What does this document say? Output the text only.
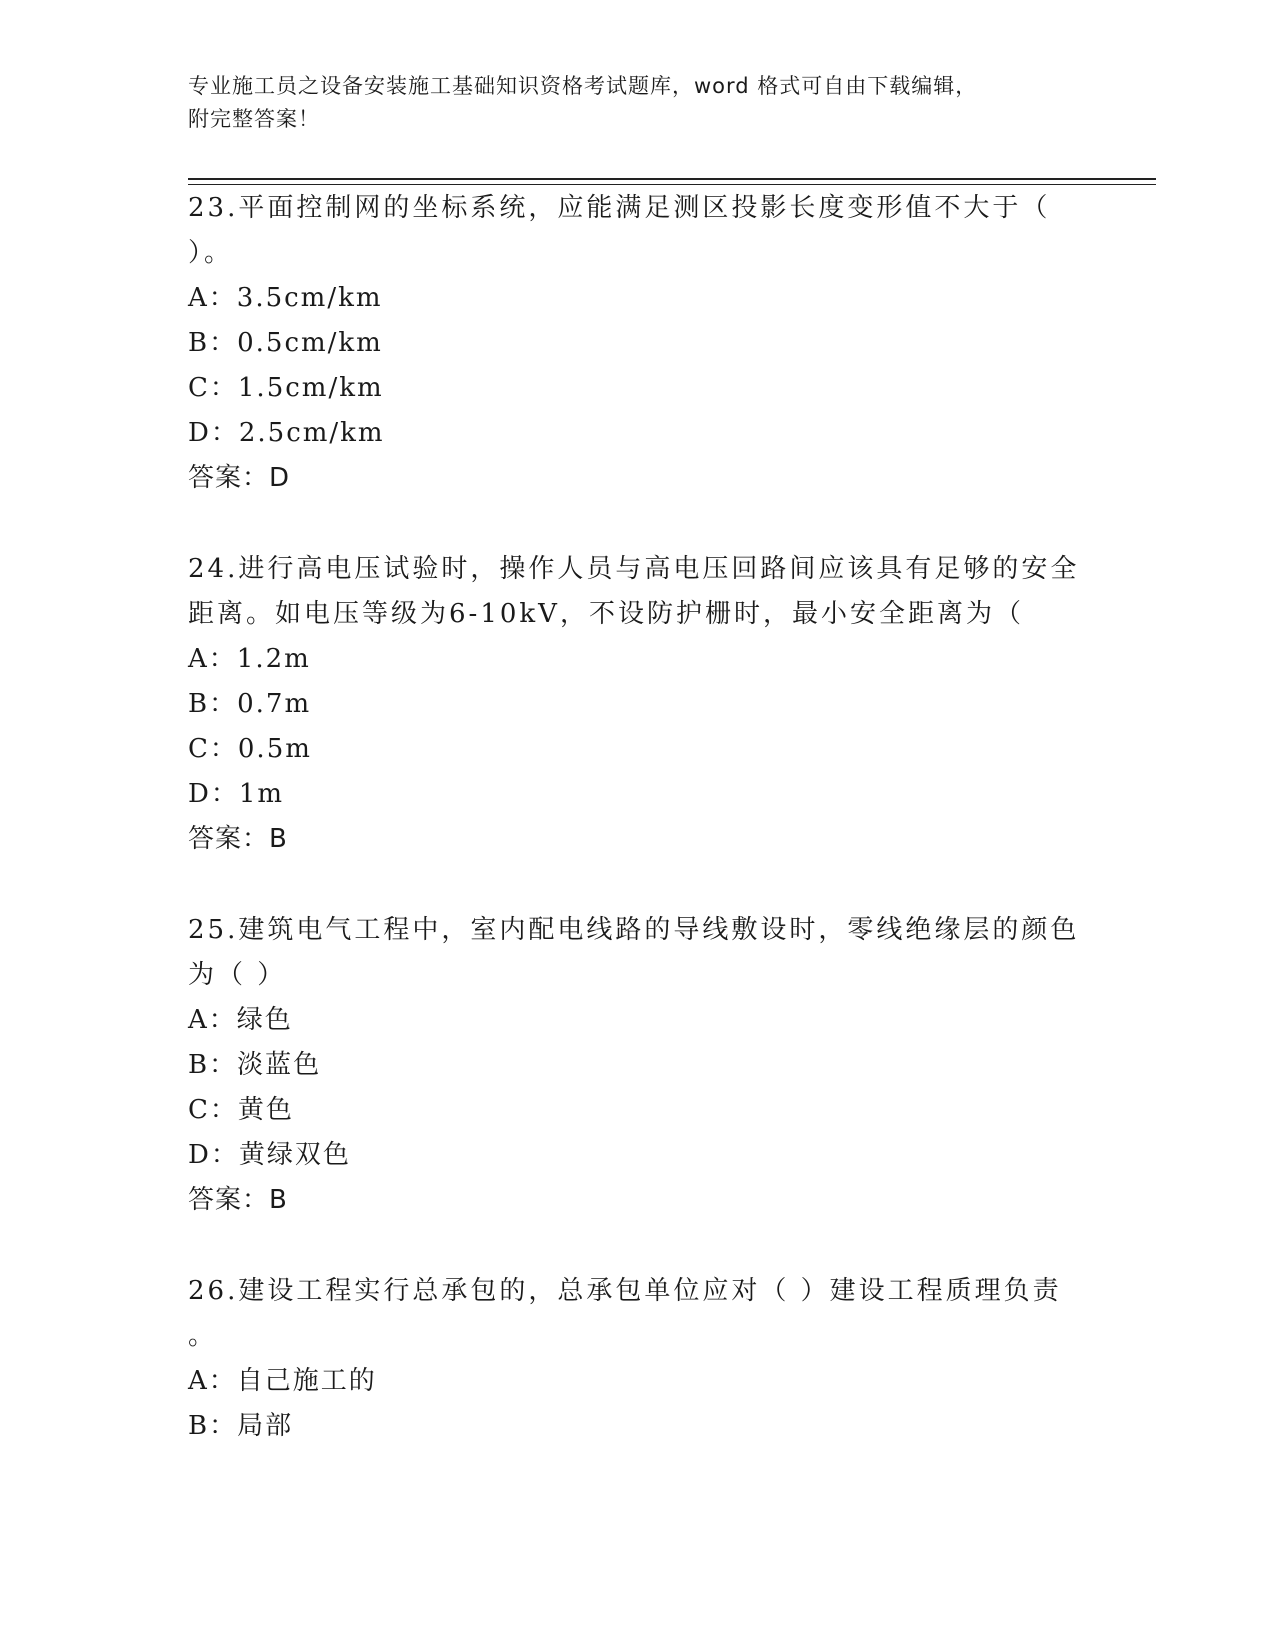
专业施工员之设备安装施工基础知识资格考试题库，word 格式可自由下载编辑，
附完整答案！

23.平面控制网的坐标系统，应能满足测区投影长度变形值不大于（

）。

A：3.5cm/km

B：0.5cm/km

C：1.5cm/km

D：2.5cm/km

答案：D

24.进行高电压试验时，操作人员与高电压回路间应该具有足够的安全

距离。如电压等级为6-10kV，不设防护栅时，最小安全距离为（

A：1.2m

B：0.7m

C：0.5m

D：1m

答案：B

25.建筑电气工程中，室内配电线路的导线敷设时，零线绝缘层的颜色

为（ ）

A：绿色

B：淡蓝色

C：黄色

D：黄绿双色

答案：B

26.建设工程实行总承包的，总承包单位应对（ ）建设工程质理负责

。

A：自己施工的

B：局部
